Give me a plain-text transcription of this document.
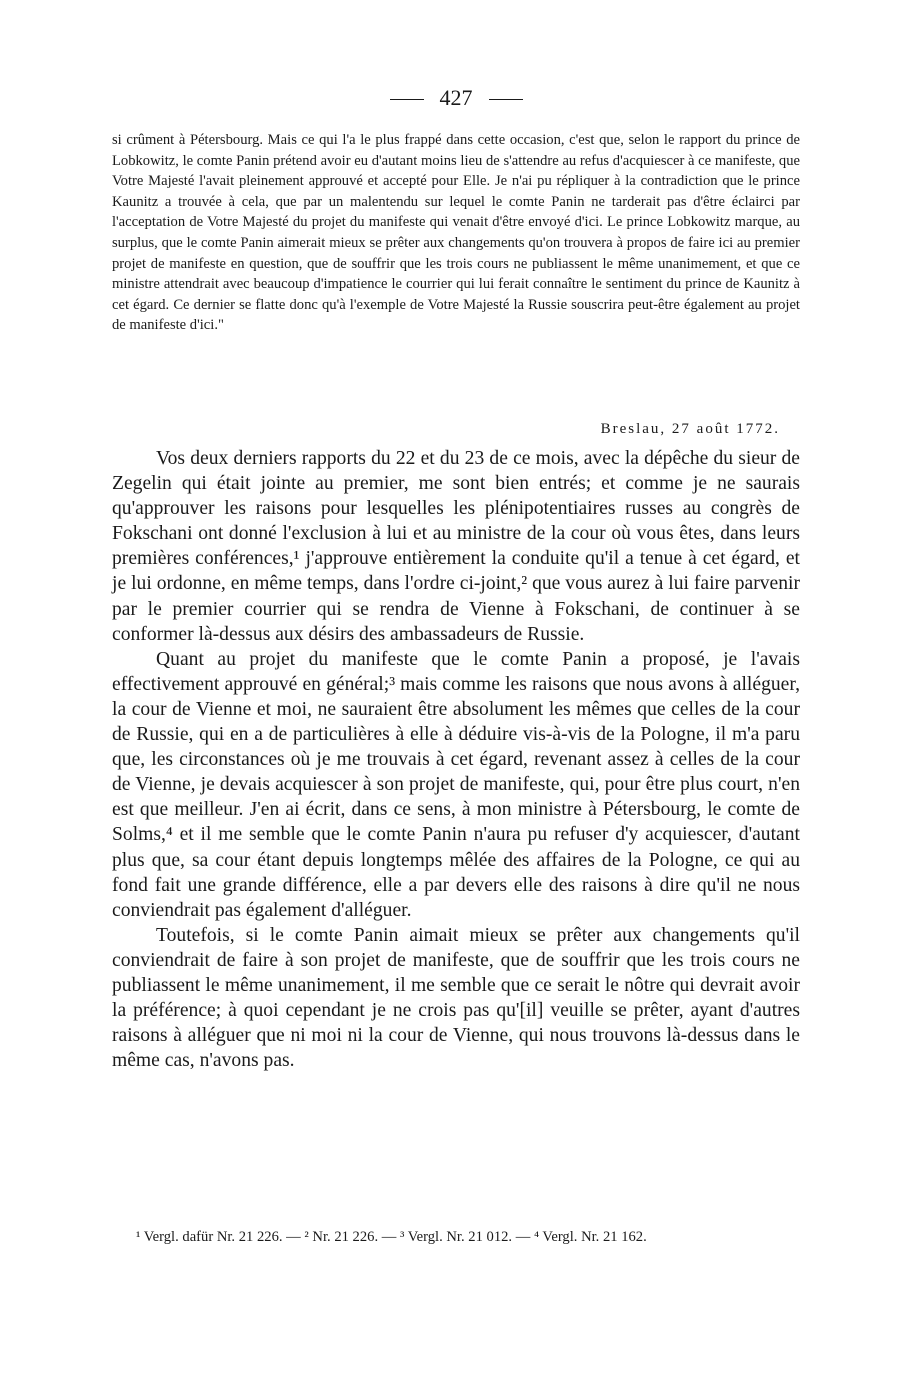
427
si crûment à Pétersbourg. Mais ce qui l'a le plus frappé dans cette occasion, c'est que, selon le rapport du prince de Lobkowitz, le comte Panin prétend avoir eu d'autant moins lieu de s'attendre au refus d'acquiescer à ce manifeste, que Votre Majesté l'avait pleinement approuvé et accepté pour Elle. Je n'ai pu répliquer à la contradiction que le prince Kaunitz a trouvée à cela, que par un malentendu sur lequel le comte Panin ne tarderait pas d'être éclairci par l'acceptation de Votre Majesté du projet du manifeste qui venait d'être envoyé d'ici. Le prince Lobkowitz marque, au surplus, que le comte Panin aimerait mieux se prêter aux changements qu'on trouvera à propos de faire ici au premier projet de manifeste en question, que de souffrir que les trois cours ne publiassent le même unanimement, et que ce ministre attendrait avec beaucoup d'impatience le courrier qui lui ferait connaître le sentiment du prince de Kaunitz à cet égard. Ce dernier se flatte donc qu'à l'exemple de Votre Majesté la Russie souscrira peut-être également au projet de manifeste d'ici."
Breslau, 27 août 1772.

Vos deux derniers rapports du 22 et du 23 de ce mois, avec la dépêche du sieur de Zegelin qui était jointe au premier, me sont bien entrés; et comme je ne saurais qu'approuver les raisons pour lesquelles les plénipotentiaires russes au congrès de Fokschani ont donné l'exclusion à lui et au ministre de la cour où vous êtes, dans leurs premières conférences,¹ j'approuve entièrement la conduite qu'il a tenue à cet égard, et je lui ordonne, en même temps, dans l'ordre ci-joint,² que vous aurez à lui faire parvenir par le premier courrier qui se rendra de Vienne à Fokschani, de continuer à se conformer là-dessus aux désirs des ambassadeurs de Russie.

Quant au projet du manifeste que le comte Panin a proposé, je l'avais effectivement approuvé en général;³ mais comme les raisons que nous avons à alléguer, la cour de Vienne et moi, ne sauraient être absolument les mêmes que celles de la cour de Russie, qui en a de particulières à elle à déduire vis-à-vis de la Pologne, il m'a paru que, les circonstances où je me trouvais à cet égard, revenant assez à celles de la cour de Vienne, je devais acquiescer à son projet de manifeste, qui, pour être plus court, n'en est que meilleur. J'en ai écrit, dans ce sens, à mon ministre à Pétersbourg, le comte de Solms,⁴ et il me semble que le comte Panin n'aura pu refuser d'y acquiescer, d'autant plus que, sa cour étant depuis longtemps mêlée des affaires de la Pologne, ce qui au fond fait une grande différence, elle a par devers elle des raisons à dire qu'il ne nous conviendrait pas également d'alléguer.

Toutefois, si le comte Panin aimait mieux se prêter aux changements qu'il conviendrait de faire à son projet de manifeste, que de souffrir que les trois cours ne publiassent le même unanimement, il me semble que ce serait le nôtre qui devrait avoir la préférence; à quoi cependant je ne crois pas qu'[il] veuille se prêter, ayant d'autres raisons à alléguer que ni moi ni la cour de Vienne, qui nous trouvons là-dessus dans le même cas, n'avons pas.

¹ Vergl. dafür Nr. 21 226. — ² Nr. 21 226. — ³ Vergl. Nr. 21 012. — ⁴ Vergl. Nr. 21 162.
